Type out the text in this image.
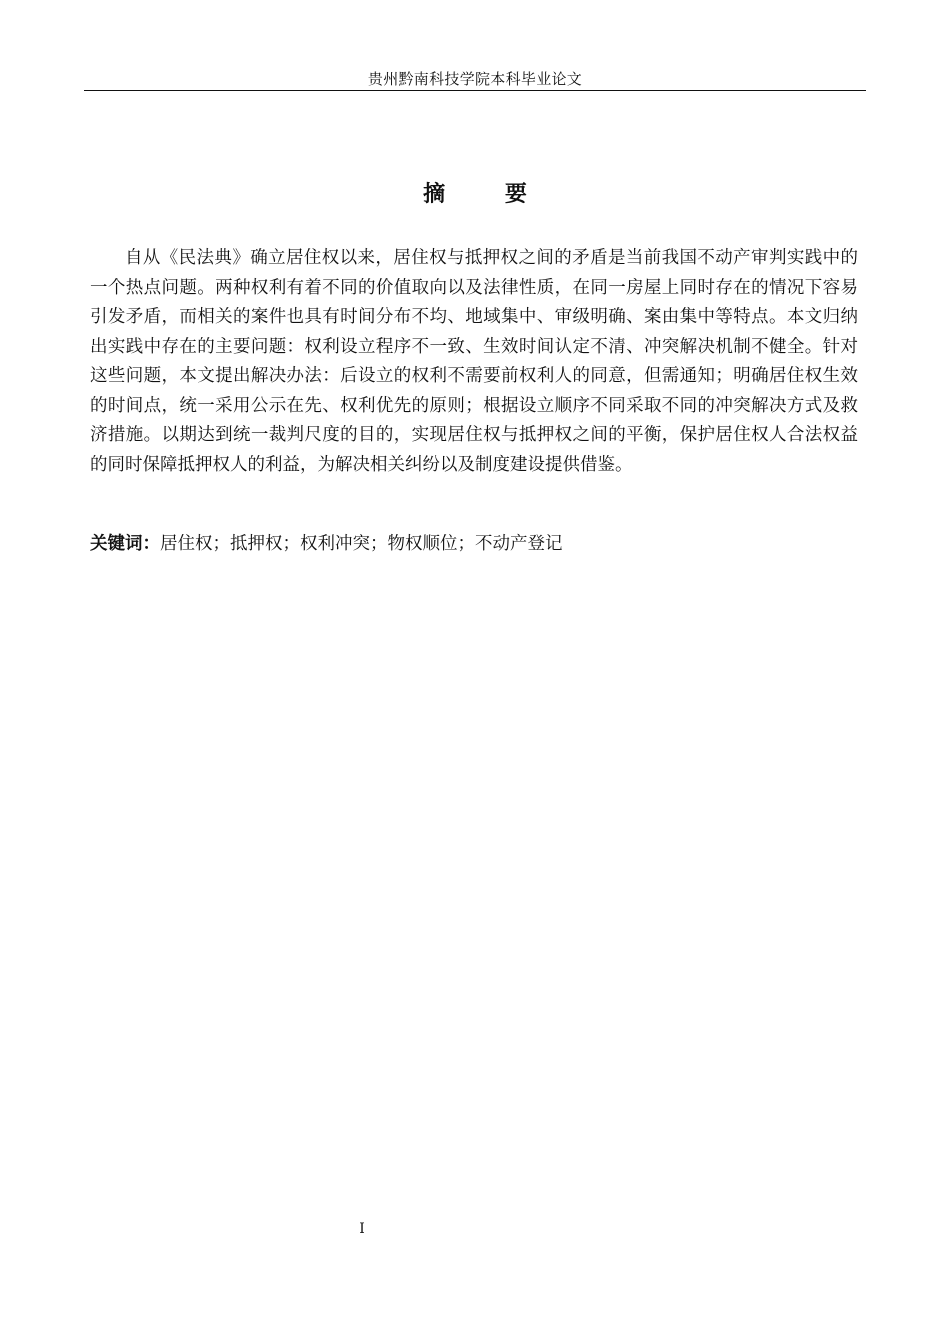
贵州黔南科技学院本科毕业论文
摘 要

自从《民法典》确立居住权以来，居住权与抵押权之间的矛盾是当前我国不动产审判实践中的一个热点问题。两种权利有着不同的价值取向以及法律性质，在同一房屋上同时存在的情况下容易引发矛盾，而相关的案件也具有时间分布不均、地域集中、审级明确、案由集中等特点。本文归纳出实践中存在的主要问题：权利设立程序不一致、生效时间认定不清、冲突解决机制不健全。针对这些问题，本文提出解决办法：后设立的权利不需要前权利人的同意，但需通知；明确居住权生效的时间点，统一采用公示在先、权利优先的原则；根据设立顺序不同采取不同的冲突解决方式及救济措施。以期达到统一裁判尺度的目的，实现居住权与抵押权之间的平衡，保护居住权人合法权益的同时保障抵押权人的利益，为解决相关纠纷以及制度建设提供借鉴。

关键词：居住权；抵押权；权利冲突；物权顺位；不动产登记
I
